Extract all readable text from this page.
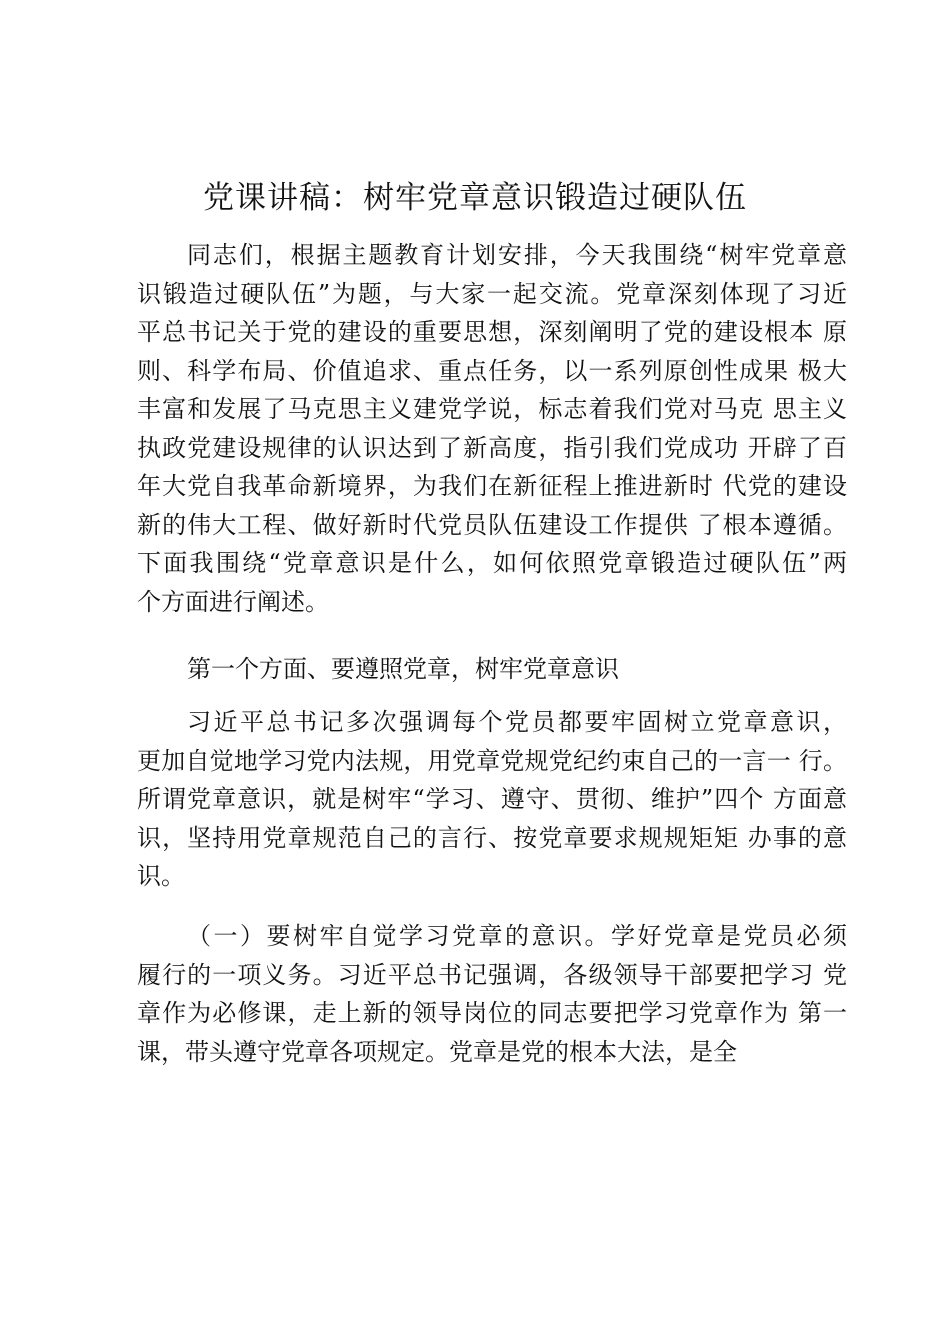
党课讲稿：树牢党章意识锻造过硬队伍
同志们，根据主题教育计划安排，今天我围绕“树牢党章意
识锻造过硬队伍”为题，与大家一起交流。党章深刻体现了习近
平总书记关于党的建设的重要思想，深刻阐明了党的建设根本 原
则、科学布局、价值追求、重点任务，以一系列原创性成果 极大
丰富和发展了马克思主义建党学说，标志着我们党对马克 思主义
执政党建设规律的认识达到了新高度，指引我们党成功 开辟了百
年大党自我革命新境界，为我们在新征程上推进新时 代党的建设
新的伟大工程、做好新时代党员队伍建设工作提供 了根本遵循。
下面我围绕“党章意识是什么，如何依照党章锻造过硬队伍”两
个方面进行阐述。
第一个方面、要遵照党章，树牢党章意识
习近平总书记多次强调每个党员都要牢固树立党章意识，
更加自觉地学习党内法规，用党章党规党纪约束自己的一言一 行。
所谓党章意识，就是树牢“学习、遵守、贯彻、维护”四个 方面意
识，坚持用党章规范自己的言行、按党章要求规规矩矩 办事的意
识。
（一）要树牢自觉学习党章的意识。学好党章是党员必须
履行的一项义务。习近平总书记强调，各级领导干部要把学习 党
章作为必修课，走上新的领导岗位的同志要把学习党章作为 第一
课，带头遵守党章各项规定。党章是党的根本大法，是全
